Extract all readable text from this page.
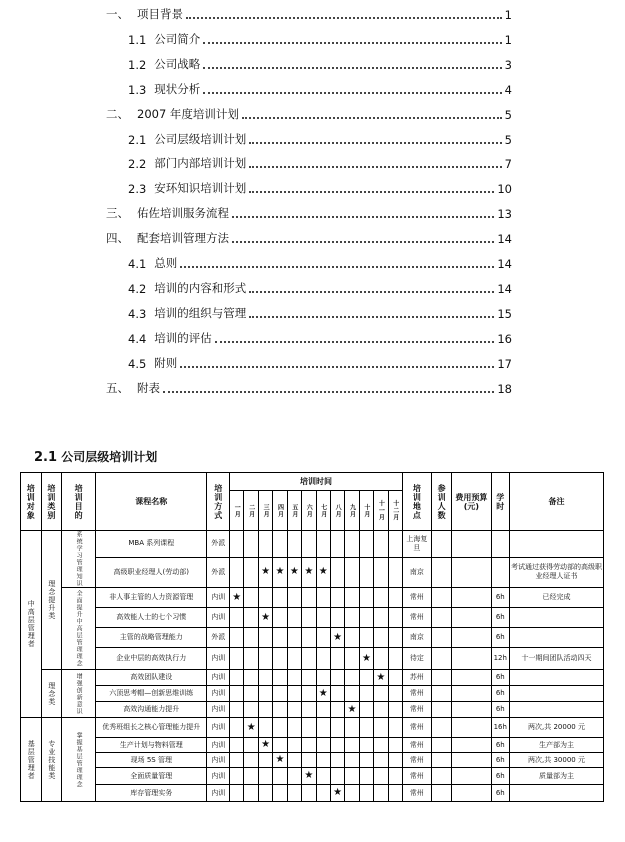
一、 项目背景	1
1.1 公司简介	1
1.2 公司战略	3
1.3 现状分析	4
二、 2007 年度培训计划	5
2.1 公司层级培训计划	5
2.2 部门内部培训计划	7
2.3 安环知识培训计划	10
三、 佑佐培训服务流程	13
四、 配套培训管理方法	14
4.1 总则	14
4.2 培训的内容和形式	14
4.3 培训的组织与管理	15
4.4 培训的评估	16
4.5 附则	17
五、 附表	18
2.1 公司层级培训计划
培训对象	培训类别	培训目的	课程名称	培训方式	培训时间												培训地点	参训人数	费用预算(元)	学时	备注

					一月	二月	三月	四月	五月	六月	七月	八月	九月	十月	十一月	十二月					

中高层管理者	理念提升类	系统学习管理知识	MBA 系列课程	外派													上海复旦				
			高级职业经理人(劳动部)	外派			★	★	★	★	★						南京				考试通过获得劳动部的高级职业经理人证书

		全面提升中高层管理理念	非人事主管的人力资源管理	内训	★												常州			6h	已经完成
			高效能人士的七个习惯	内训			★										常州			6h	
			主管的战略管理能力	外派								★					南京			6h	
			企业中层的高效执行力	内训										★			待定			12h	十一期间团队活动四天

	理念类	增强创新意识	高效团队建设	内训											★		苏州			6h	
			六顶思考帽—创新思维训练	内训							★						常州			6h	
			高效沟通能力提升	内训									★				常州			6h	

基层管理者	专业技能类	掌握基层管理理念	优秀班组长之核心管理能力提升	内训		★											常州			16h	两次,共 20000 元
			生产计划与物料管理	内训			★										常州			6h	生产部为主
			现场 5S 管理	内训				★									常州			6h	两次,共 30000 元
			全面质量管理	内训						★							常州			6h	质量部为主
			库存管理实务	内训								★					常州			6h	
